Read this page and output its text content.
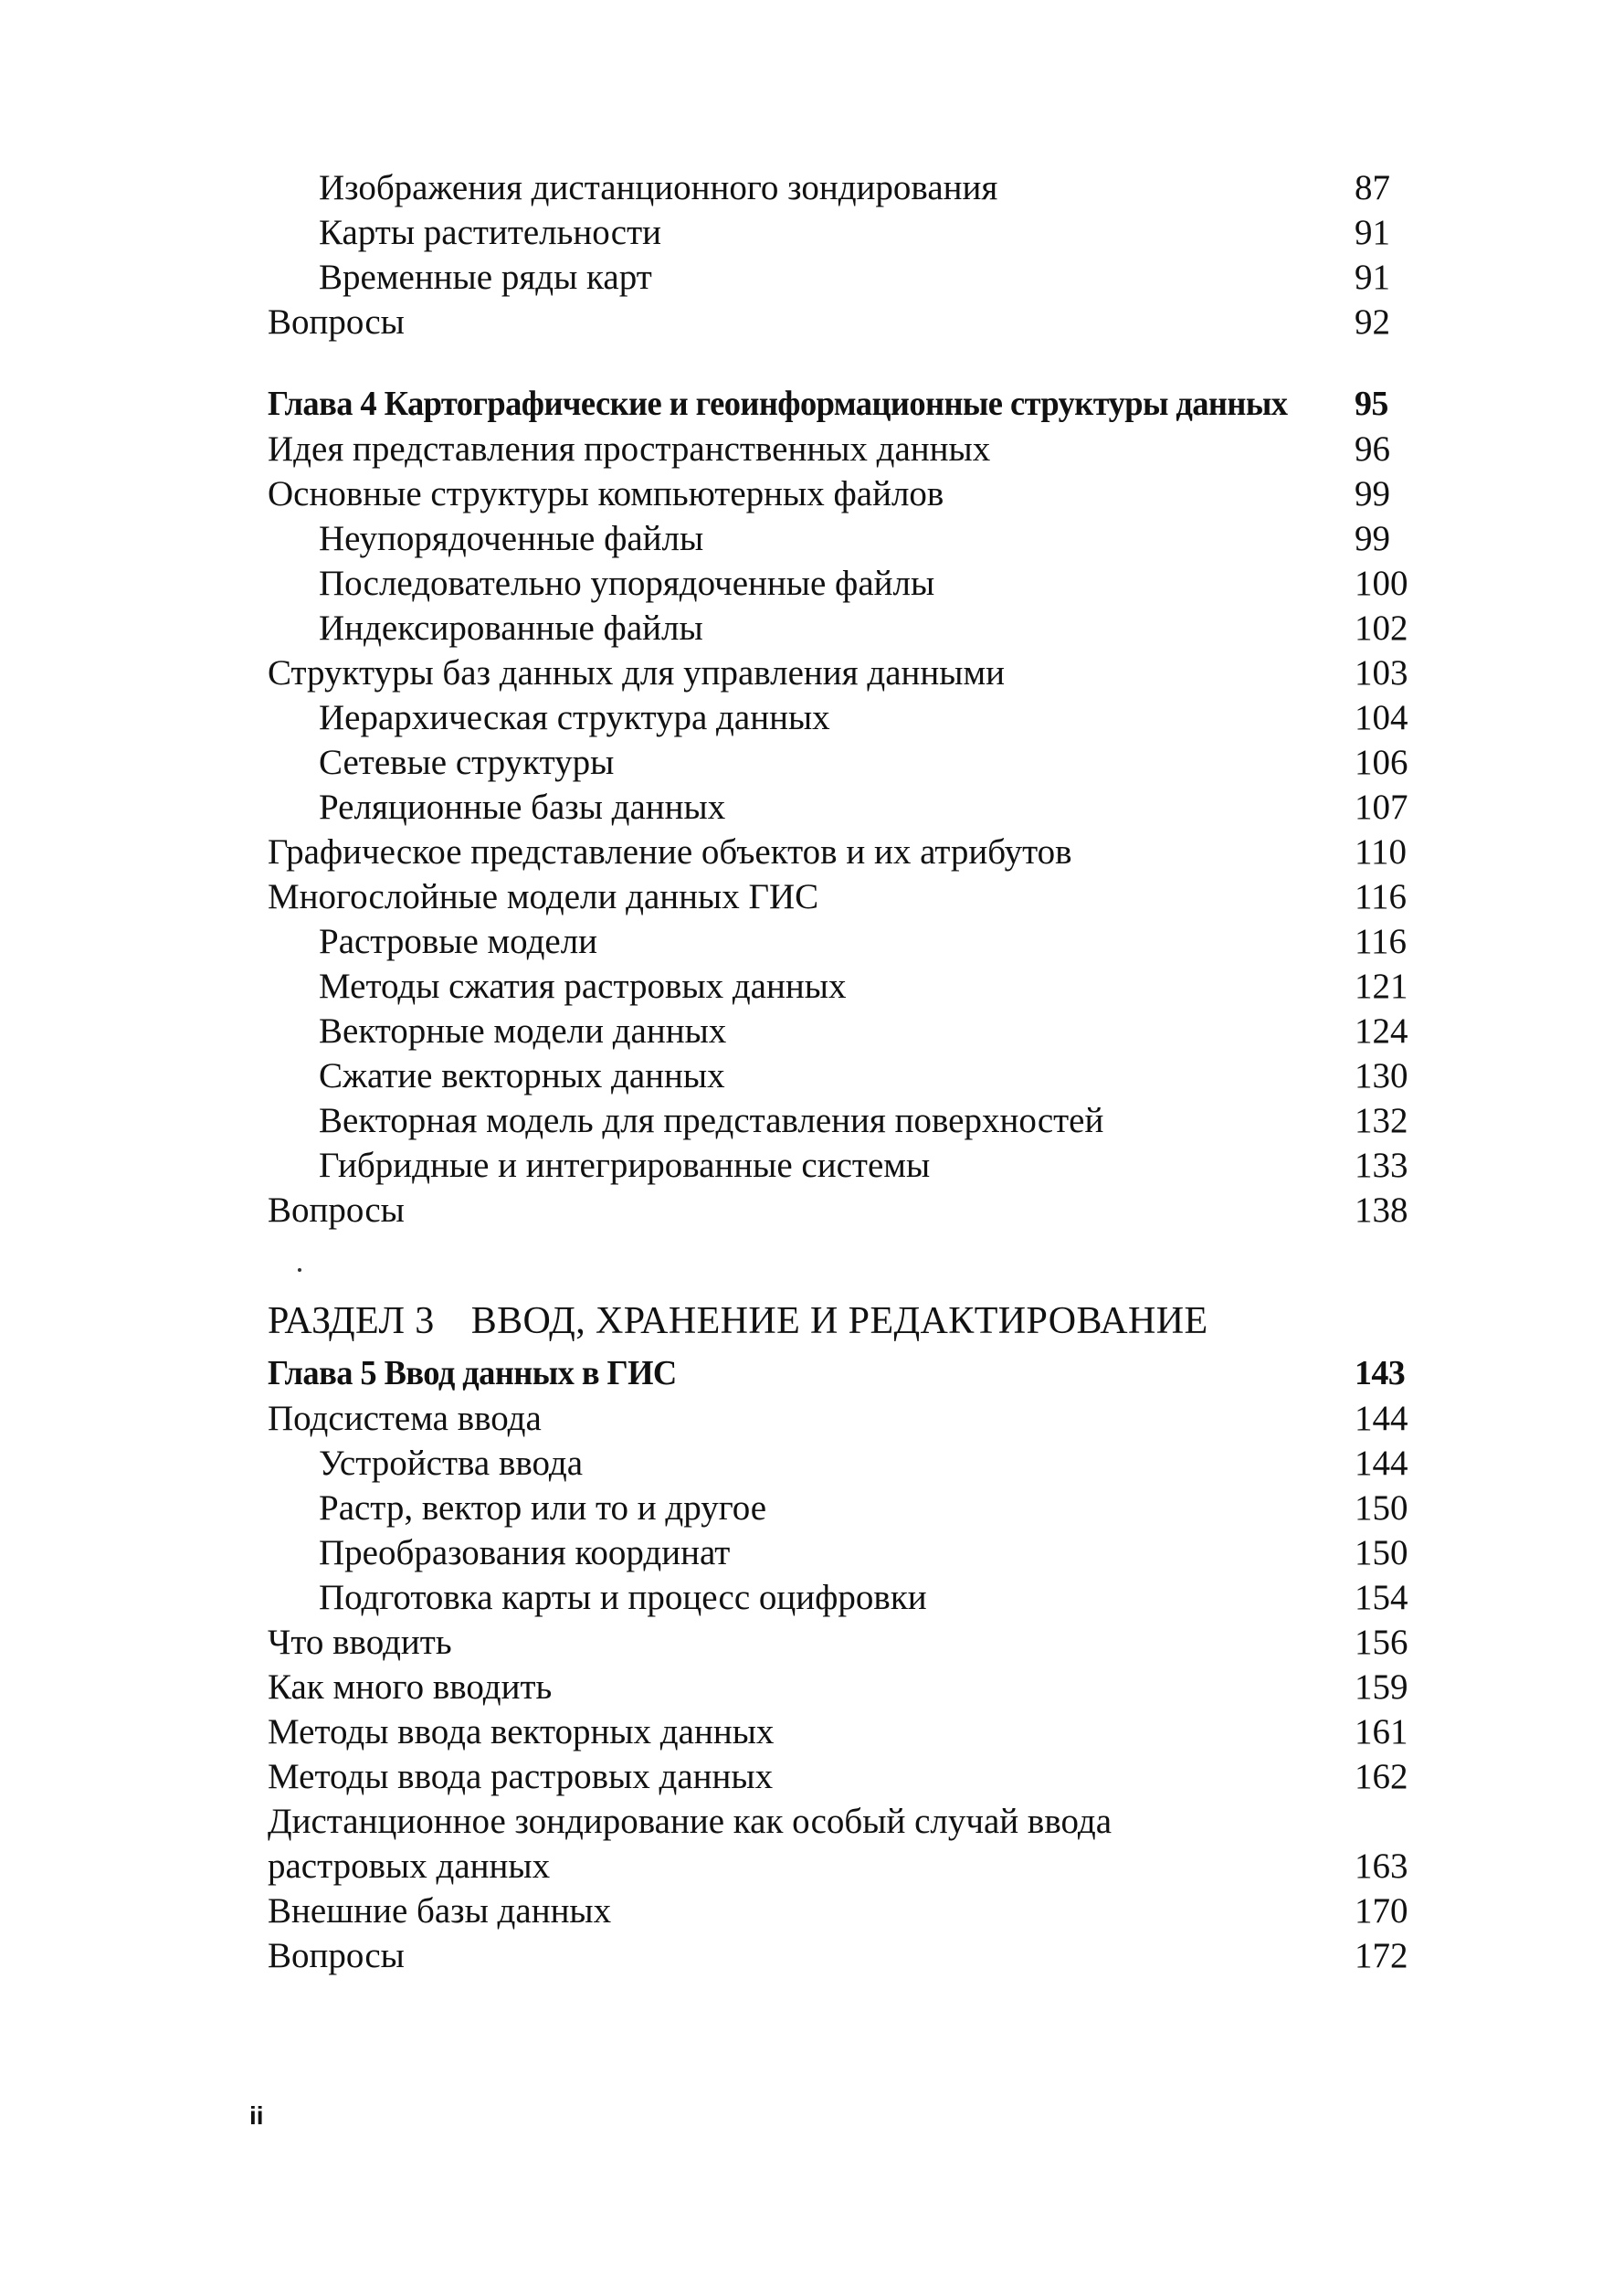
Изображения дистанционного зондирования	87
Карты растительности	91
Временные ряды карт	91
Вопросы	92
Глава 4 Картографические и геоинформационные структуры данных 95
Идея представления пространственных данных	96
Основные структуры компьютерных файлов	99
Неупорядоченные файлы	99
Последовательно упорядоченные файлы	100
Индексированные файлы	102
Структуры баз данных для управления данными	103
Иерархическая структура данных	104
Сетевые структуры	106
Реляционные базы данных	107
Графическое представление объектов и их атрибутов	110
Многослойные модели данных ГИС	116
Растровые модели	116
Методы сжатия растровых данных	121
Векторные модели данных	124
Сжатие векторных данных	130
Векторная модель для представления поверхностей	132
Гибридные и интегрированные системы	133
Вопросы	138
РАЗДЕЛ 3 ВВОД, ХРАНЕНИЕ И РЕДАКТИРОВАНИЕ
Глава 5 Ввод данных в ГИС	143
Подсистема ввода	144
Устройства ввода	144
Растр, вектор или то и другое	150
Преобразования координат	150
Подготовка карты и процесс оцифровки	154
Что вводить	156
Как много вводить	159
Методы ввода векторных данных	161
Методы ввода растровых данных	162
Дистанционное зондирование как особый случай ввода
растровых данных	163
Внешние базы данных	170
Вопросы	172
ii
